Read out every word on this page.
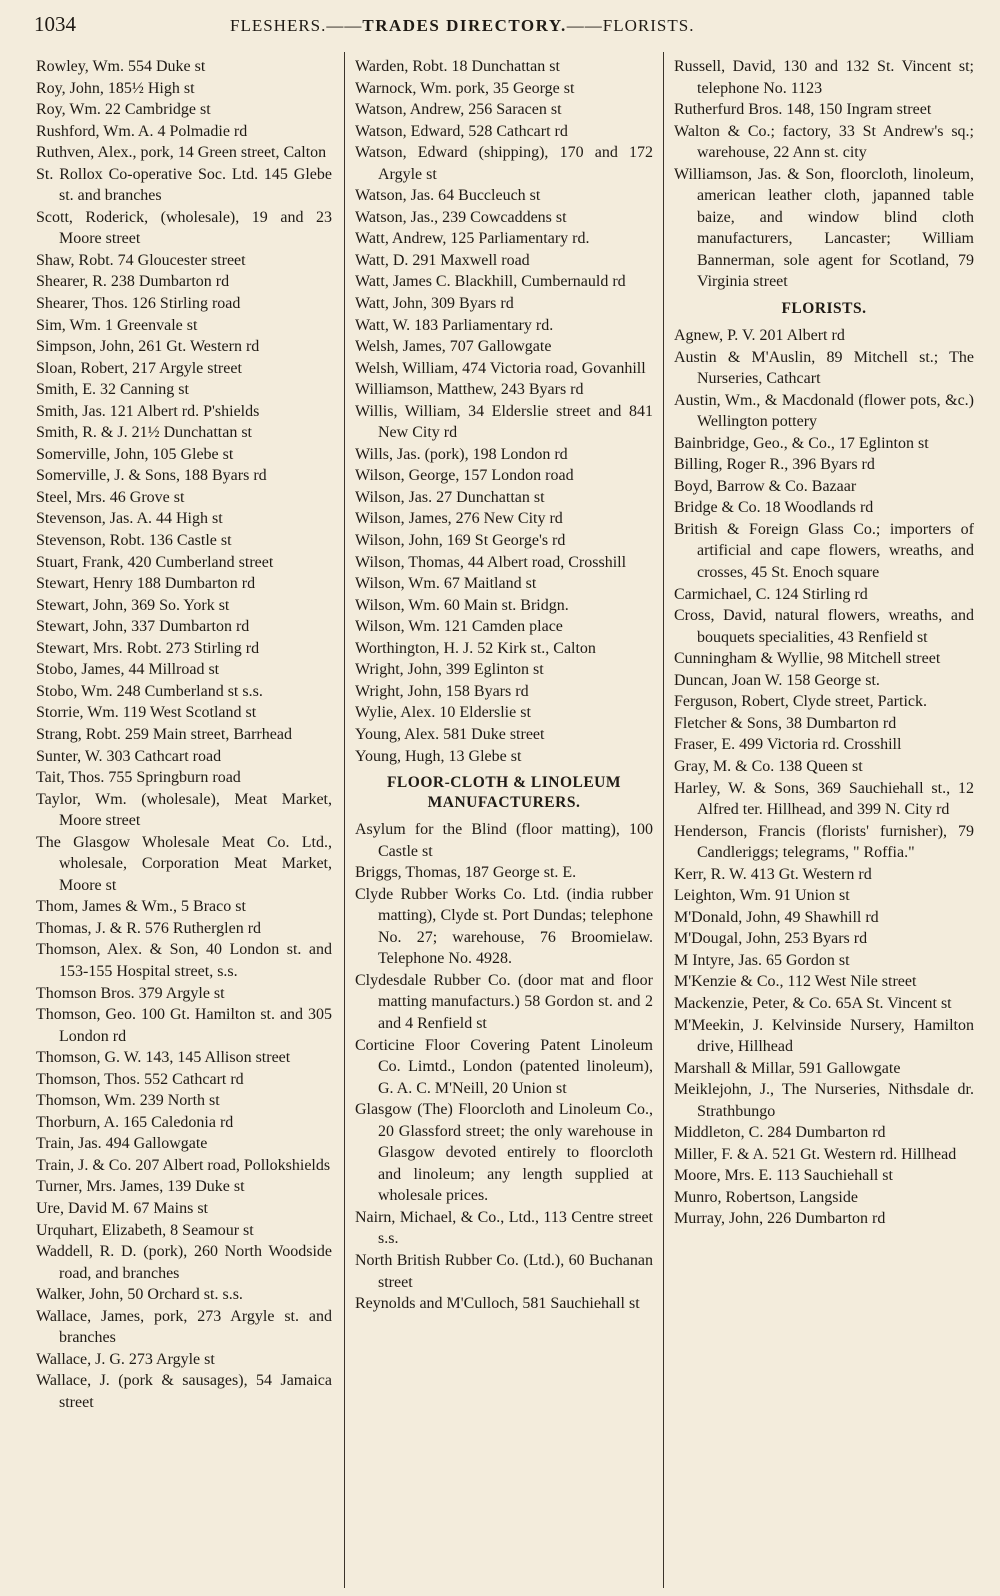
1034	FLESHERS.——TRADES DIRECTORY.——FLORISTS.
Rowley, Wm. 554 Duke st
Roy, John, 185½ High st
Roy, Wm. 22 Cambridge st
Rushford, Wm. A. 4 Polmadie rd
Ruthven, Alex., pork, 14 Green street, Calton
St. Rollox Co-operative Soc. Ltd. 145 Glebe st. and branches
Scott, Roderick, (wholesale), 19 and 23 Moore street
Shaw, Robt. 74 Gloucester street
Shearer, R. 238 Dumbarton rd
Shearer, Thos. 126 Stirling road
Sim, Wm. 1 Greenvale st
Simpson, John, 261 Gt. Western rd
Sloan, Robert, 217 Argyle street
Smith, E. 32 Canning st
Smith, Jas. 121 Albert rd. P'shields
Smith, R. & J. 21½ Dunchattan st
Somerville, John, 105 Glebe st
Somerville, J. & Sons, 188 Byars rd
Steel, Mrs. 46 Grove st
Stevenson, Jas. A. 44 High st
Stevenson, Robt. 136 Castle st
Stuart, Frank, 420 Cumberland street
Stewart, Henry 188 Dumbarton rd
Stewart, John, 369 So. York st
Stewart, John, 337 Dumbarton rd
Stewart, Mrs. Robt. 273 Stirling rd
Stobo, James, 44 Millroad st
Stobo, Wm. 248 Cumberland st s.s.
Storrie, Wm. 119 West Scotland st
Strang, Robt. 259 Main street, Barrhead
Sunter, W. 303 Cathcart road
Tait, Thos. 755 Springburn road
Taylor, Wm. (wholesale), Meat Market, Moore street
The Glasgow Wholesale Meat Co. Ltd., wholesale, Corporation Meat Market, Moore st
Thom, James & Wm., 5 Braco st
Thomas, J. & R. 576 Rutherglen rd
Thomson, Alex. & Son, 40 London st. and 153-155 Hospital street, s.s.
Thomson Bros. 379 Argyle st
Thomson, Geo. 100 Gt. Hamilton st. and 305 London rd
Thomson, G. W. 143, 145 Allison street
Thomson, Thos. 552 Cathcart rd
Thomson, Wm. 239 North st
Thorburn, A. 165 Caledonia rd
Train, Jas. 494 Gallowgate
Train, J. & Co. 207 Albert road, Pollokshields
Turner, Mrs. James, 139 Duke st
Ure, David M. 67 Mains st
Urquhart, Elizabeth, 8 Seamour st
Waddell, R. D. (pork), 260 North Woodside road, and branches
Walker, John, 50 Orchard st. s.s.
Wallace, James, pork, 273 Argyle st. and branches
Wallace, J. G. 273 Argyle st
Wallace, J. (pork & sausages), 54 Jamaica street
Warden, Robt. 18 Dunchattan st
Warnock, Wm. pork, 35 George st
Watson, Andrew, 256 Saracen st
Watson, Edward, 528 Cathcart rd
Watson, Edward (shipping), 170 and 172 Argyle st
Watson, Jas. 64 Buccleuch st
Watson, Jas., 239 Cowcaddens st
Watt, Andrew, 125 Parliamentary rd.
Watt, D. 291 Maxwell road
Watt, James C. Blackhill, Cumbernauld rd
Watt, John, 309 Byars rd
Watt, W. 183 Parliamentary rd.
Welsh, James, 707 Gallowgate
Welsh, William, 474 Victoria road, Govanhill
Williamson, Matthew, 243 Byars rd
Willis, William, 34 Elderslie street and 841 New City rd
Wills, Jas. (pork), 198 London rd
Wilson, George, 157 London road
Wilson, Jas. 27 Dunchattan st
Wilson, James, 276 New City rd
Wilson, John, 169 St George's rd
Wilson, Thomas, 44 Albert road, Crosshill
Wilson, Wm. 67 Maitland st
Wilson, Wm. 60 Main st. Bridgn.
Wilson, Wm. 121 Camden place
Worthington, H. J. 52 Kirk st., Calton
Wright, John, 399 Eglinton st
Wright, John, 158 Byars rd
Wylie, Alex. 10 Elderslie st
Young, Alex. 581 Duke street
Young, Hugh, 13 Glebe st
FLOOR-CLOTH & LINOLEUM MANUFACTURERS.
Asylum for the Blind (floor matting), 100 Castle st
Briggs, Thomas, 187 George st. E.
Clyde Rubber Works Co. Ltd. (india rubber matting), Clyde st. Port Dundas; telephone No. 27; warehouse, 76 Broomielaw. Telephone No. 4928.
Clydesdale Rubber Co. (door mat and floor matting manufacturs.) 58 Gordon st. and 2 and 4 Renfield st
Corticine Floor Covering Patent Linoleum Co. Limtd., London (patented linoleum), G. A. C. M'Neill, 20 Union st
Glasgow (The) Floorcloth and Linoleum Co., 20 Glassford street; the only warehouse in Glasgow devoted entirely to floorcloth and linoleum; any length supplied at wholesale prices.
Nairn, Michael, & Co., Ltd., 113 Centre street s.s.
North British Rubber Co. (Ltd.), 60 Buchanan street
Reynolds and M'Culloch, 581 Sauchiehall st
Russell, David, 130 and 132 St. Vincent st; telephone No. 1123
Rutherfurd Bros. 148, 150 Ingram street
Walton & Co.; factory, 33 St Andrew's sq.; warehouse, 22 Ann st. city
Williamson, Jas. & Son, floorcloth, linoleum, american leather cloth, japanned table baize, and window blind cloth manufacturers, Lancaster; William Bannerman, sole agent for Scotland, 79 Virginia street
FLORISTS.
Agnew, P. V. 201 Albert rd
Austin & M'Auslin, 89 Mitchell st.; The Nurseries, Cathcart
Austin, Wm., & Macdonald (flower pots, &c.) Wellington pottery
Bainbridge, Geo., & Co., 17 Eglinton st
Billing, Roger R., 396 Byars rd
Boyd, Barrow & Co. Bazaar
Bridge & Co. 18 Woodlands rd
British & Foreign Glass Co.; importers of artificial and cape flowers, wreaths, and crosses, 45 St. Enoch square
Carmichael, C. 124 Stirling rd
Cross, David, natural flowers, wreaths, and bouquets specialities, 43 Renfield st
Cunningham & Wyllie, 98 Mitchell street
Duncan, Joan W. 158 George st.
Ferguson, Robert, Clyde street, Partick.
Fletcher & Sons, 38 Dumbarton rd
Fraser, E. 499 Victoria rd. Crosshill
Gray, M. & Co. 138 Queen st
Harley, W. & Sons, 369 Sauchiehall st., 12 Alfred ter. Hillhead, and 399 N. City rd
Henderson, Francis (florists' furnisher), 79 Candleriggs; telegrams, " Roffia."
Kerr, R. W. 413 Gt. Western rd
Leighton, Wm. 91 Union st
M'Donald, John, 49 Shawhill rd
M'Dougal, John, 253 Byars rd
M Intyre, Jas. 65 Gordon st
M'Kenzie & Co., 112 West Nile street
Mackenzie, Peter, & Co. 65A St. Vincent st
M'Meekin, J. Kelvinside Nursery, Hamilton drive, Hillhead
Marshall & Millar, 591 Gallowgate
Meiklejohn, J., The Nurseries, Nithsdale dr. Strathbungo
Middleton, C. 284 Dumbarton rd
Miller, F. & A. 521 Gt. Western rd. Hillhead
Moore, Mrs. E. 113 Sauchiehall st
Munro, Robertson, Langside
Murray, John, 226 Dumbarton rd
